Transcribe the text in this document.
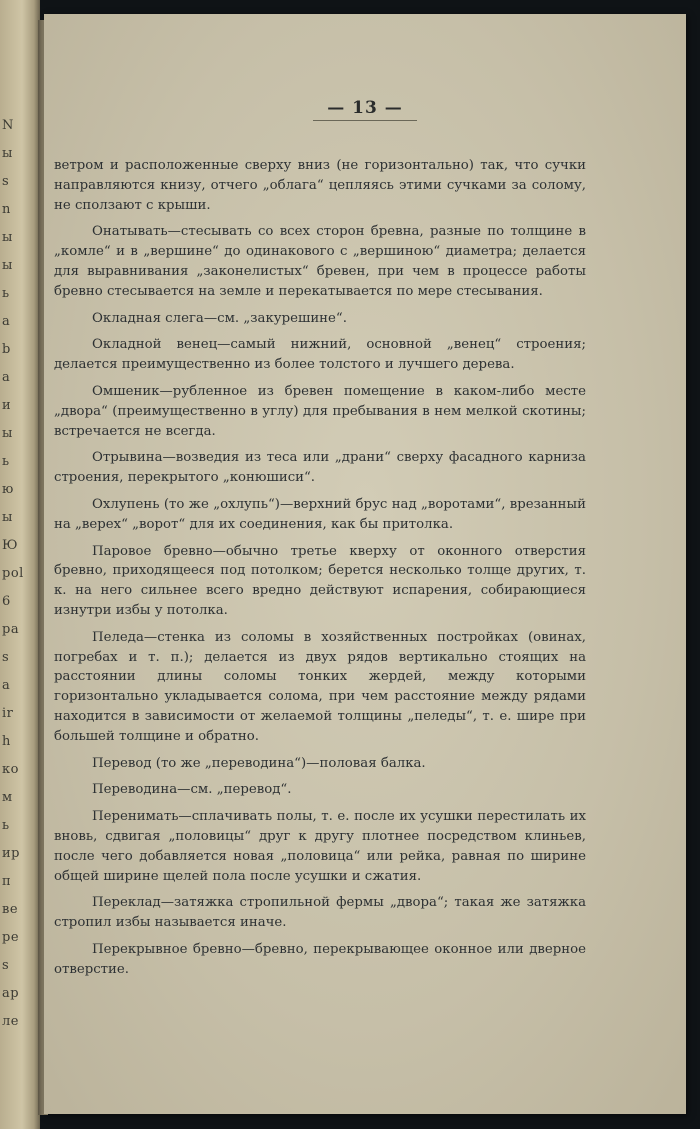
N
ы
s
n
ы
ы
ь
a
b
a
и
ы
ь
ю
ы
Ю
роl
6
ра
s
а
ir
h
ко
м
ь
ир
п
ве
ре
s
ар
ле
— 13 —

ветром и расположенные сверху вниз (не горизонтально) так, что сучки направляются книзу, отчего „облага“ цепляясь этими сучками за солому, не сползают с крыши.

Онатывать—стесывать со всех сторон бревна, разные по толщине в „комле“ и в „вершине“ до одинакового с „вершиною“ диаметра; делается для выравнивания „законелистых“ бревен, при чем в процессе работы бревно стесывается на земле и перекатывается по мере стесывания.

Окладная слега—см. „закурешине“.

Окладной венец—самый нижний, основной „венец“ строения; делается преимущественно из более толстого и лучшего дерева.

Омшеник—рубленное из бревен помещение в каком-либо месте „двора“ (преимущественно в углу) для пребывания в нем мелкой скотины; встречается не всегда.

Отрывина—возведия из теса или „драни“ сверху фасадного карниза строения, перекрытого „конюшиси“.

Охлупень (то же „охлупь“)—верхний брус над „воротами“, врезанный на „верех“ „ворот“ для их соединения, как бы притолка.

Паровое бревно—обычно третье кверху от оконного отверстия бревно, приходящееся под потолком; берется несколько толще других, т. к. на него сильнее всего вредно действуют испарения, собирающиеся изнутри избы у потолка.

Пеледа—стенка из соломы в хозяйственных постройках (овинах, погребах и т. п.); делается из двух рядов вертикально стоящих на расстоянии длины соломы тонких жердей, между которыми горизонтально укладывается солома, при чем расстояние между рядами находится в зависимости от желаемой толщины „пеледы“, т. е. шире при большей толщине и обратно.

Перевод (то же „переводина“)—половая балка.

Переводина—см. „перевод“.

Перенимать—сплачивать полы, т. е. после их усушки перестилать их вновь, сдвигая „половицы“ друг к другу плотнее посредством клиньев, после чего добавляется новая „половица“ или рейка, равная по ширине общей ширине щелей пола после усушки и сжатия.

Переклад—затяжка стропильной фермы „двора“; такая же затяжка стропил избы называется иначе.

Перекрывное бревно—бревно, перекрывающее оконное или дверное отверстие.
